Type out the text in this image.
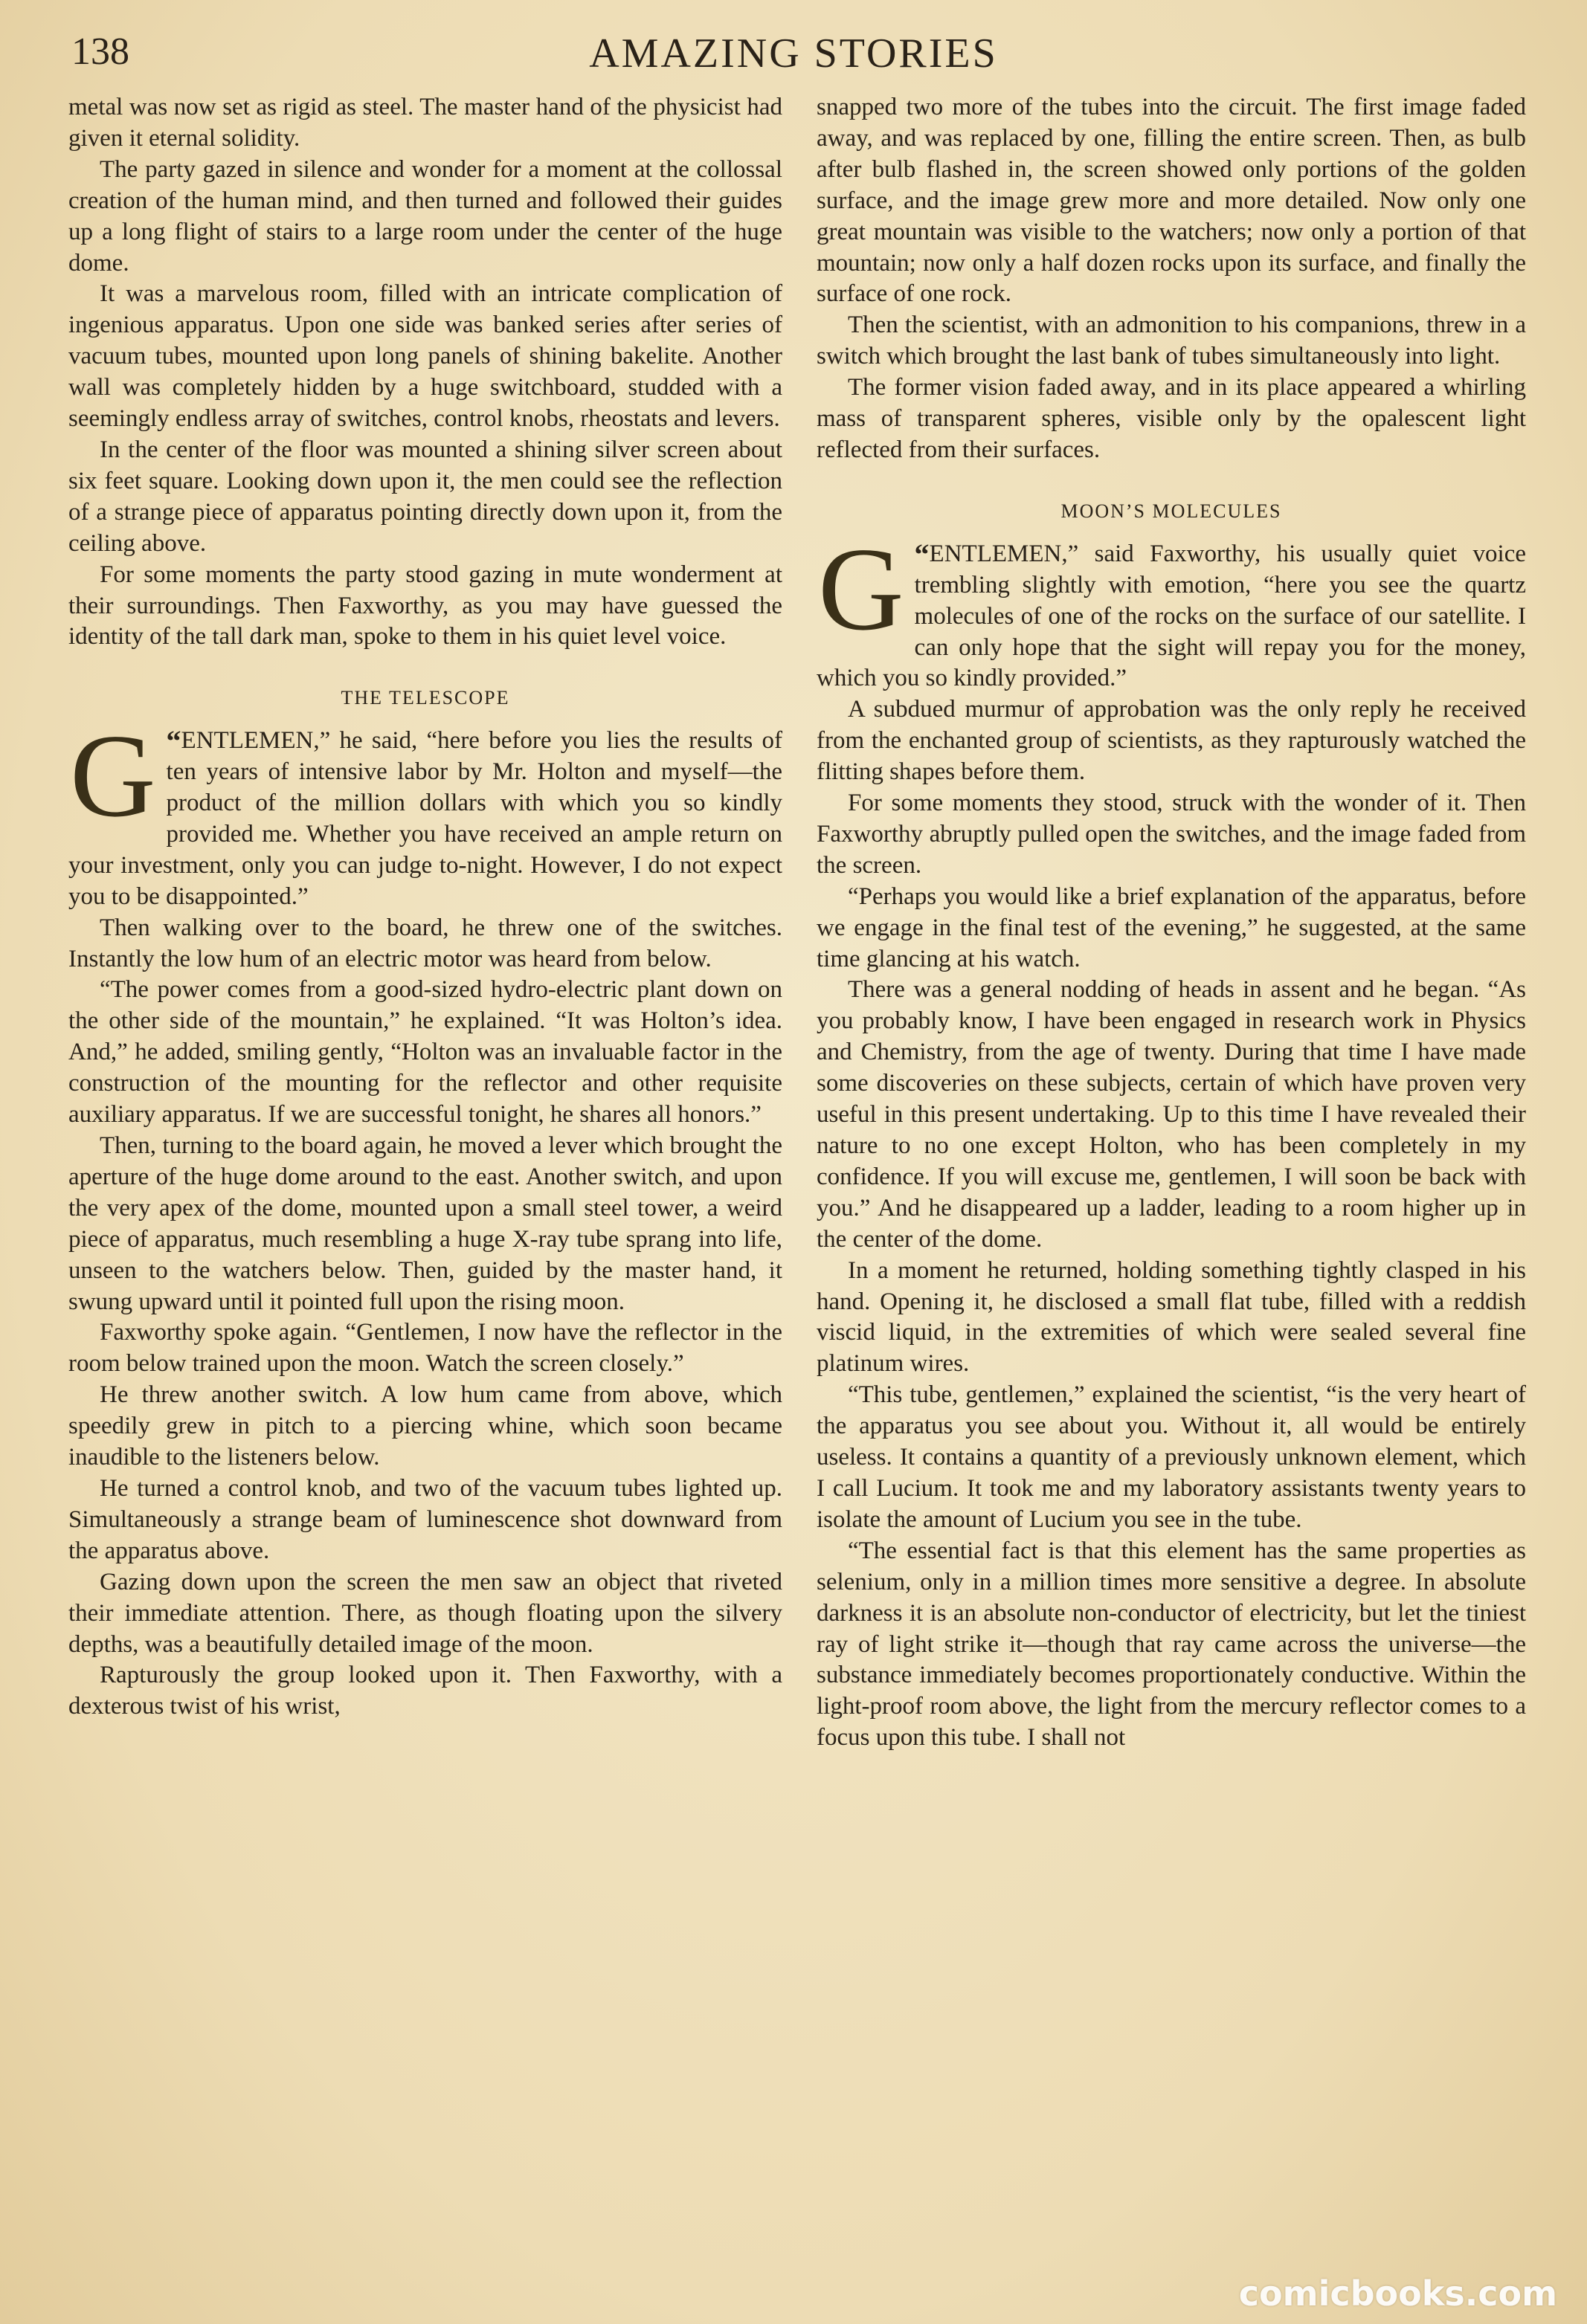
138	AMAZING STORIES

metal was now set as rigid as steel. The master hand of the physicist had given it eternal solidity.

The party gazed in silence and wonder for a moment at the collossal creation of the human mind, and then turned and followed their guides up a long flight of stairs to a large room under the center of the huge dome.

It was a marvelous room, filled with an intricate complication of ingenious apparatus. Upon one side was banked series after series of vacuum tubes, mounted upon long panels of shining bakelite. Another wall was completely hidden by a huge switchboard, studded with a seemingly endless array of switches, control knobs, rheostats and levers.

In the center of the floor was mounted a shining silver screen about six feet square. Looking down upon it, the men could see the reflection of a strange piece of apparatus pointing directly down upon it, from the ceiling above.

For some moments the party stood gazing in mute wonderment at their surroundings. Then Faxworthy, as you may have guessed the identity of the tall dark man, spoke to them in his quiet level voice.

THE TELESCOPE

“
G	ENTLEMEN,” he said, “here before you lies the results of ten years of intensive labor by Mr. Holton and myself—the product of the million dollars with which you so kindly provided me. Whether you have received an ample return on your investment, only you can judge to-night. However, I do not expect you to be disappointed.”

Then walking over to the board, he threw one of the switches. Instantly the low hum of an electric motor was heard from below.

“The power comes from a good-sized hydro-electric plant down on the other side of the mountain,” he explained. “It was Holton’s idea. And,” he added, smiling gently, “Holton was an invaluable factor in the construction of the mounting for the reflector and other requisite auxiliary apparatus. If we are successful tonight, he shares all honors.”

Then, turning to the board again, he moved a lever which brought the aperture of the huge dome around to the east. Another switch, and upon the very apex of the dome, mounted upon a small steel tower, a weird piece of apparatus, much resembling a huge X-ray tube sprang into life, unseen to the watchers below. Then, guided by the master hand, it swung upward until it pointed full upon the rising moon.

Faxworthy spoke again. “Gentlemen, I now have the reflector in the room below trained upon the moon. Watch the screen closely.”

He threw another switch. A low hum came from above, which speedily grew in pitch to a piercing whine, which soon became inaudible to the listeners below.

He turned a control knob, and two of the vacuum tubes lighted up. Simultaneously a strange beam of luminescence shot downward from the apparatus above.

Gazing down upon the screen the men saw an object that riveted their immediate attention. There, as though floating upon the silvery depths, was a beautifully detailed image of the moon.

Rapturously the group looked upon it. Then Faxworthy, with a dexterous twist of his wrist,

snapped two more of the tubes into the circuit. The first image faded away, and was replaced by one, filling the entire screen. Then, as bulb after bulb flashed in, the screen showed only portions of the golden surface, and the image grew more and more detailed. Now only one great mountain was visible to the watchers; now only a portion of that mountain; now only a half dozen rocks upon its surface, and finally the surface of one rock.

Then the scientist, with an admonition to his companions, threw in a switch which brought the last bank of tubes simultaneously into light.

The former vision faded away, and in its place appeared a whirling mass of transparent spheres, visible only by the opalescent light reflected from their surfaces.

MOON’S MOLECULES

“
G	ENTLEMEN,” said Faxworthy, his usually quiet voice trembling slightly with emotion, “here you see the quartz molecules of one of the rocks on the surface of our satellite. I can only hope that the sight will repay you for the money, which you so kindly provided.”

A subdued murmur of approbation was the only reply he received from the enchanted group of scientists, as they rapturously watched the flitting shapes before them.

For some moments they stood, struck with the wonder of it. Then Faxworthy abruptly pulled open the switches, and the image faded from the screen.

“Perhaps you would like a brief explanation of the apparatus, before we engage in the final test of the evening,” he suggested, at the same time glancing at his watch.

There was a general nodding of heads in assent and he began. “As you probably know, I have been engaged in research work in Physics and Chemistry, from the age of twenty. During that time I have made some discoveries on these subjects, certain of which have proven very useful in this present undertaking. Up to this time I have revealed their nature to no one except Holton, who has been completely in my confidence. If you will excuse me, gentlemen, I will soon be back with you.” And he disappeared up a ladder, leading to a room higher up in the center of the dome.

In a moment he returned, holding something tightly clasped in his hand. Opening it, he disclosed a small flat tube, filled with a reddish viscid liquid, in the extremities of which were sealed several fine platinum wires.

“This tube, gentlemen,” explained the scientist, “is the very heart of the apparatus you see about you. Without it, all would be entirely useless. It contains a quantity of a previously unknown element, which I call Lucium. It took me and my laboratory assistants twenty years to isolate the amount of Lucium you see in the tube.

“The essential fact is that this element has the same properties as selenium, only in a million times more sensitive a degree. In absolute darkness it is an absolute non-conductor of electricity, but let the tiniest ray of light strike it—though that ray came across the universe—the substance immediately becomes proportionately conductive. Within the light-proof room above, the light from the mercury reflector comes to a focus upon this tube. I shall not

comicbooks.com
